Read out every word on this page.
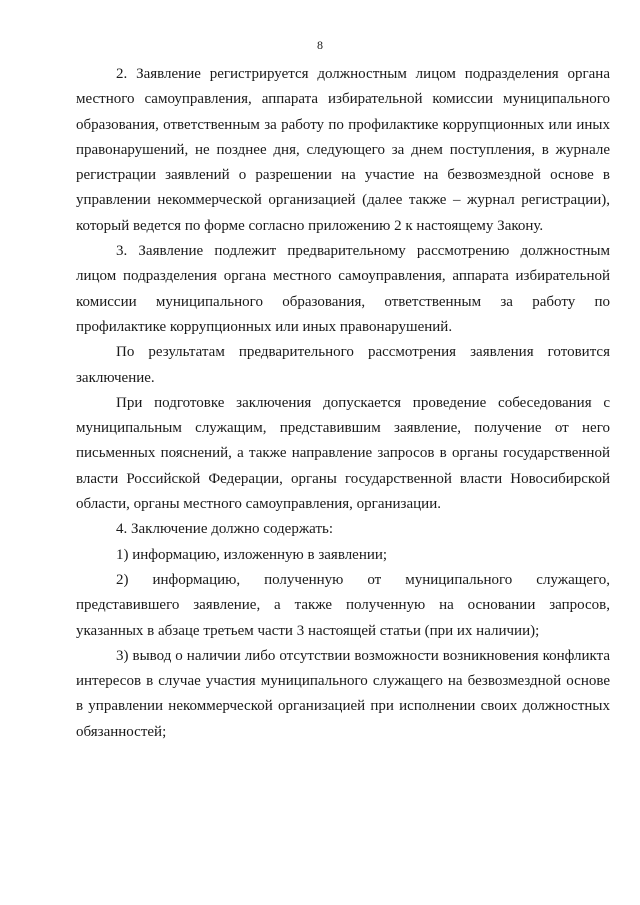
8

2. Заявление регистрируется должностным лицом подразделения органа местного самоуправления, аппарата избирательной комиссии муниципального образования, ответственным за работу по профилактике коррупционных или иных правонарушений, не позднее дня, следующего за днем поступления, в журнале регистрации заявлений о разрешении на участие на безвозмездной основе в управлении некоммерческой организацией (далее также – журнал регистрации), который ведется по форме согласно приложению 2 к настоящему Закону.

3. Заявление подлежит предварительному рассмотрению должностным лицом подразделения органа местного самоуправления, аппарата избирательной комиссии муниципального образования, ответственным за работу по профилактике коррупционных или иных правонарушений.

По результатам предварительного рассмотрения заявления готовится заключение.

При подготовке заключения допускается проведение собеседования с муниципальным служащим, представившим заявление, получение от него письменных пояснений, а также направление запросов в органы государственной власти Российской Федерации, органы государственной власти Новосибирской области, органы местного самоуправления, организации.

4. Заключение должно содержать:

1) информацию, изложенную в заявлении;

2) информацию, полученную от муниципального служащего, представившего заявление, а также полученную на основании запросов, указанных в абзаце третьем части 3 настоящей статьи (при их наличии);

3) вывод о наличии либо отсутствии возможности возникновения конфликта интересов в случае участия муниципального служащего на безвозмездной основе в управлении некоммерческой организацией при исполнении своих должностных обязанностей;
